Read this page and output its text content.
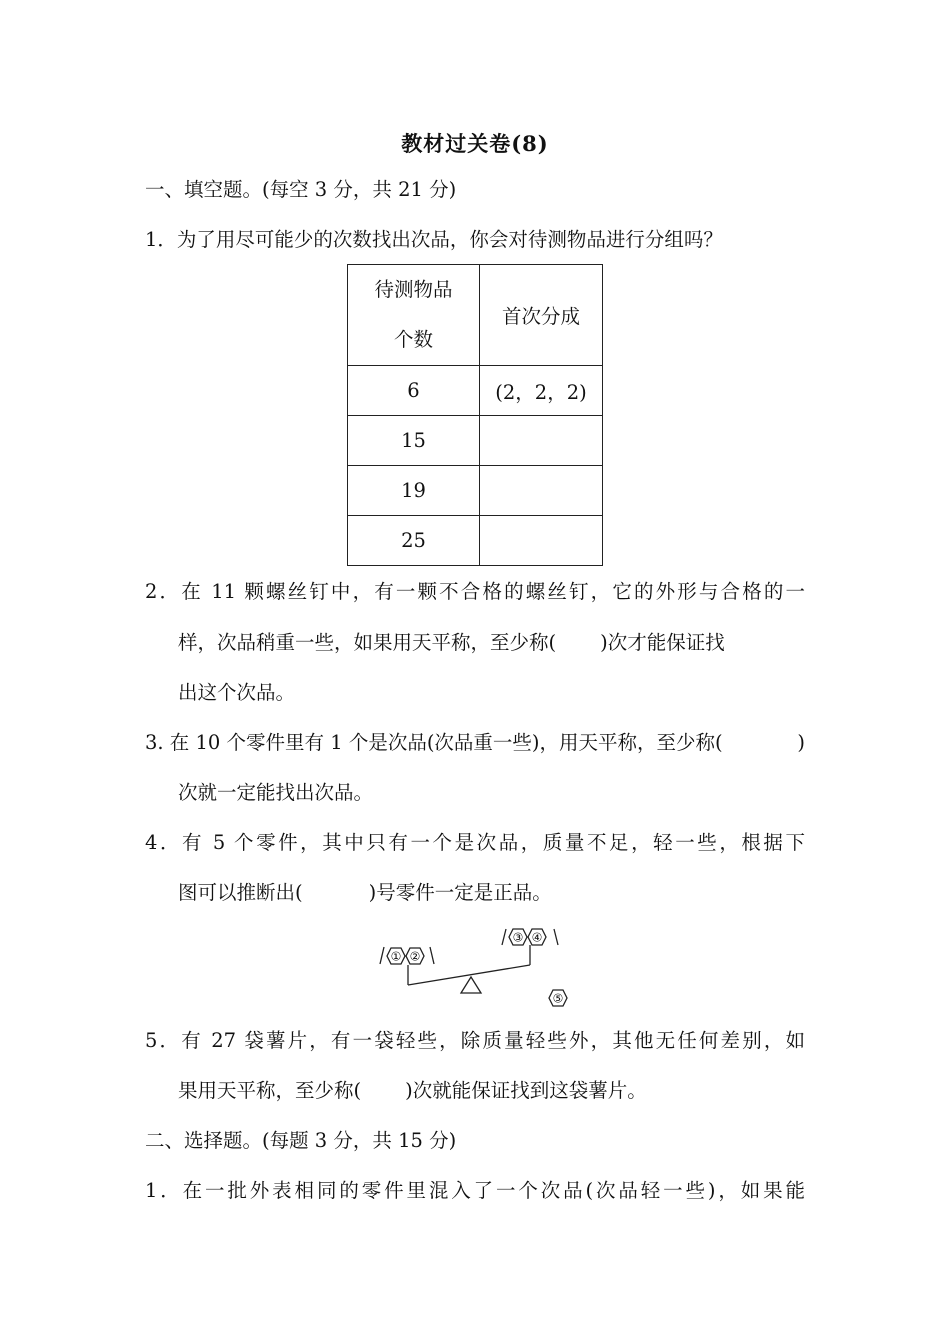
教材过关卷(8)
一、填空题。(每空 3 分，共 21 分)
1．为了用尽可能少的次数找出次品，你会对待测物品进行分组吗？
待测物品
个数	首次分成
6	(2，2，2)
15	
19	
25	
2．在 11 颗螺丝钉中，有一颗不合格的螺丝钉，它的外形与合格的一
样，次品稍重一些，如果用天平称，至少称( )次才能保证找
出这个次品。
3. 在 10 个零件里有 1 个是次品(次品重一些)，用天平称，至少称(	)
次就一定能找出次品。
4．有 5 个零件，其中只有一个是次品，质量不足，轻一些，根据下
图可以推断出(	)号零件一定是正品。
① ②
③ ④
⑤
5．有 27 袋薯片，有一袋轻些，除质量轻些外，其他无任何差别，如
果用天平称，至少称( )次就能保证找到这袋薯片。
二、选择题。(每题 3 分，共 15 分)
1．在一批外表相同的零件里混入了一个次品(次品轻一些)，如果能
